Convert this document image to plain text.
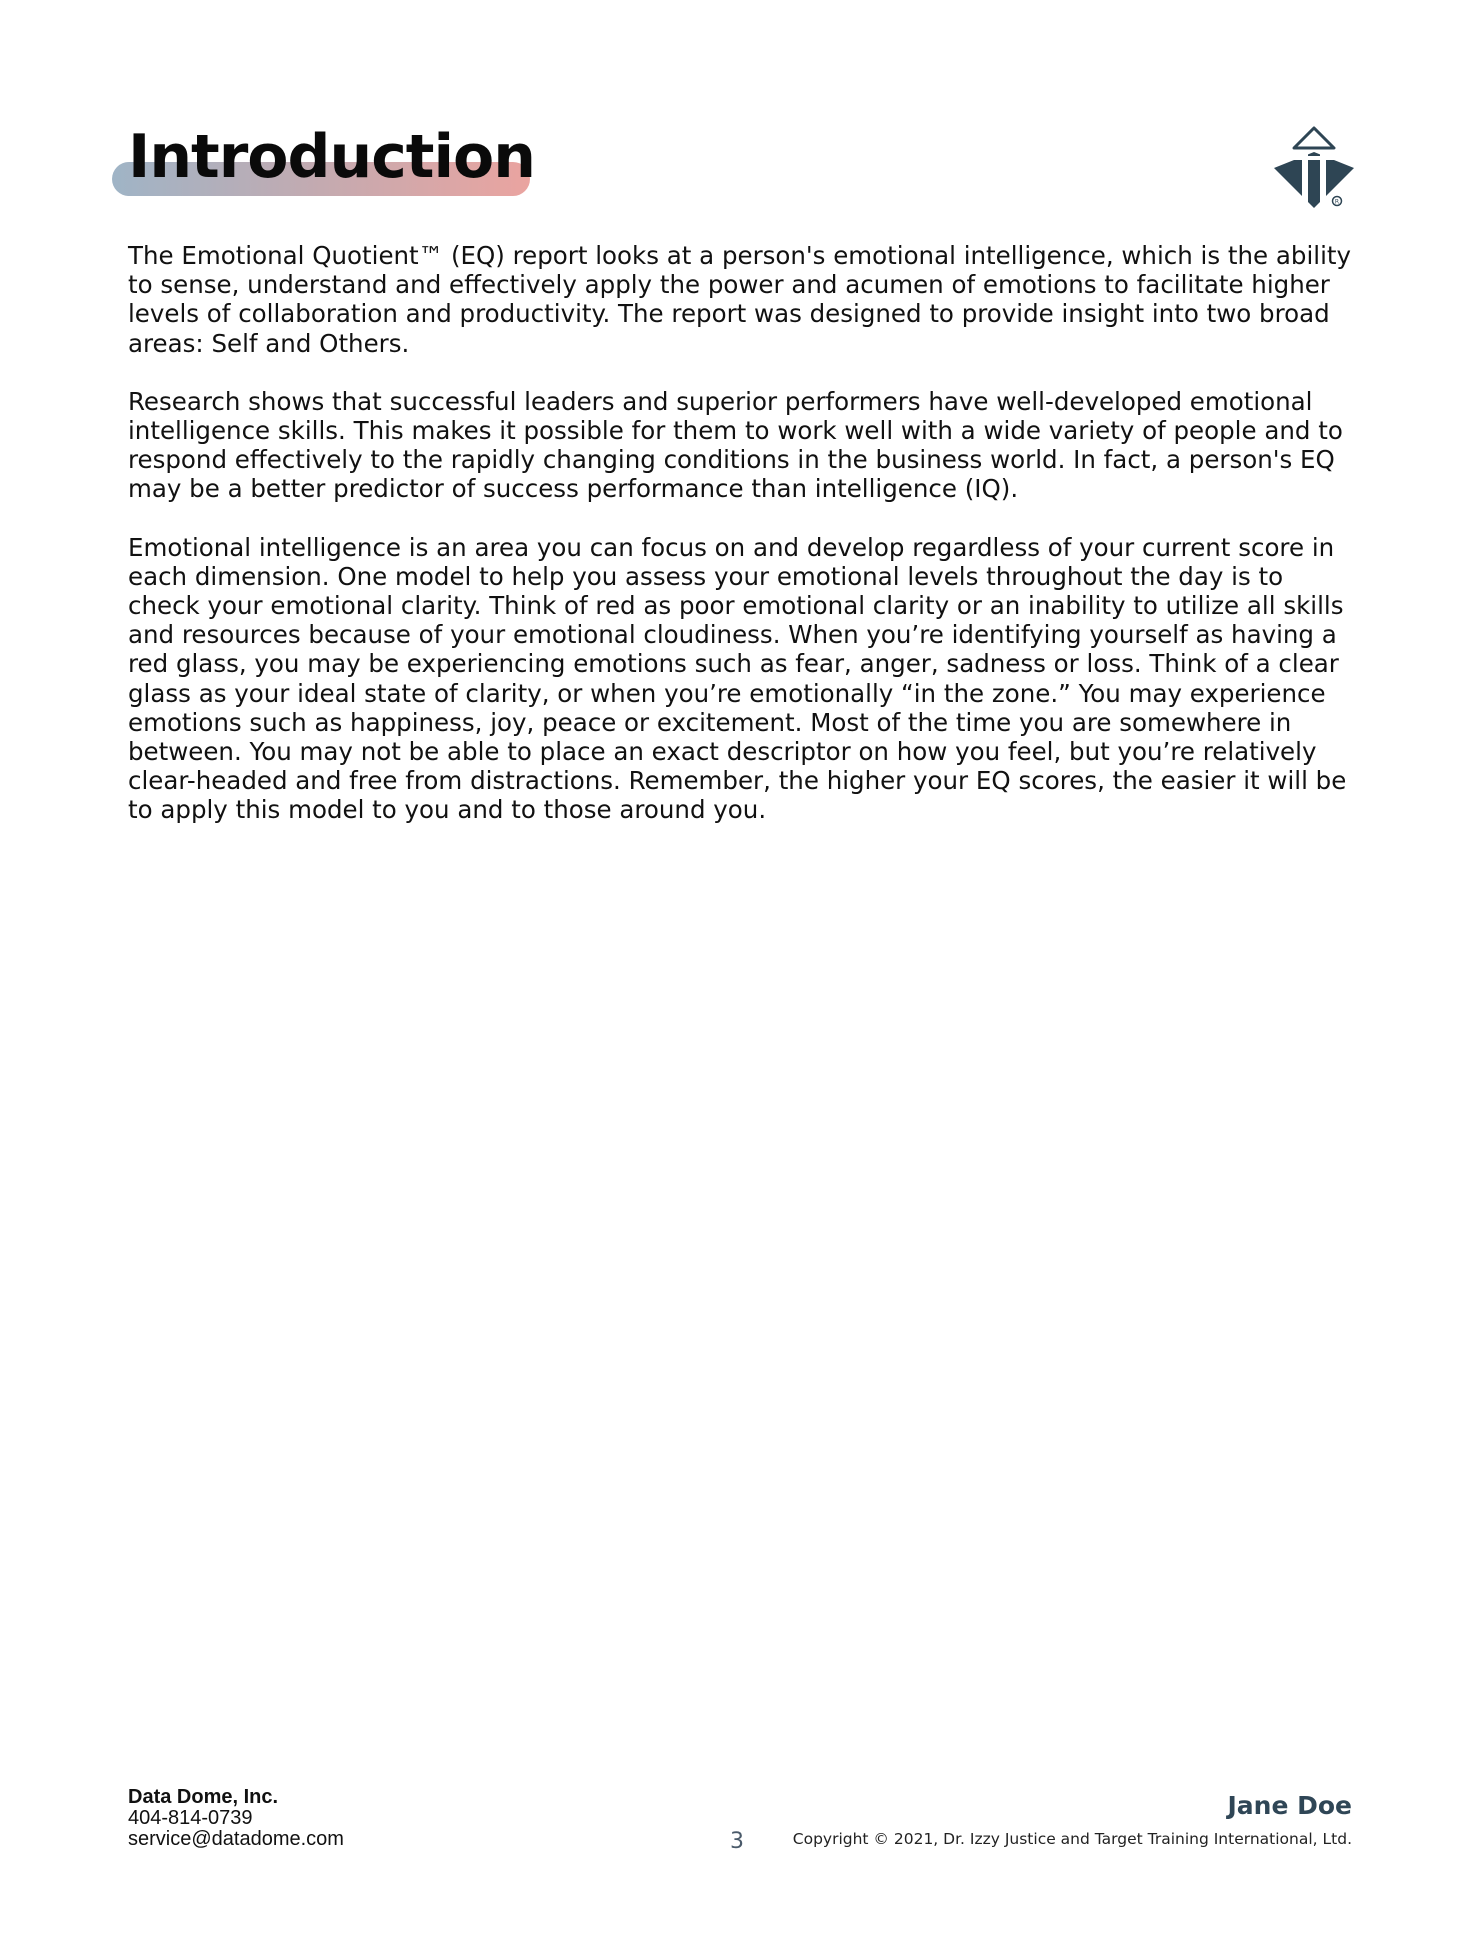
Introduction
R

The Emotional Quotient™ (EQ) report looks at a person's emotional intelligence, which is the ability to sense, understand and effectively apply the power and acumen of emotions to facilitate higher levels of collaboration and productivity. The report was designed to provide insight into two broad areas: Self and Others.

Research shows that successful leaders and superior performers have well-developed emotional intelligence skills. This makes it possible for them to work well with a wide variety of people and to respond effectively to the rapidly changing conditions in the business world. In fact, a person's EQ may be a better predictor of success performance than intelligence (IQ).

Emotional intelligence is an area you can focus on and develop regardless of your current score in each dimension. One model to help you assess your emotional levels throughout the day is to check your emotional clarity. Think of red as poor emotional clarity or an inability to utilize all skills and resources because of your emotional cloudiness. When you’re identifying yourself as having a red glass, you may be experiencing emotions such as fear, anger, sadness or loss. Think of a clear glass as your ideal state of clarity, or when you’re emotionally “in the zone.” You may experience emotions such as happiness, joy, peace or excitement. Most of the time you are somewhere in between. You may not be able to place an exact descriptor on how you feel, but you’re relatively clear-headed and free from distractions. Remember, the higher your EQ scores, the easier it will be to apply this model to you and to those around you.

Data Dome, Inc.
404-814-0739
service@datadome.com	3
Jane Doe
Copyright © 2021, Dr. Izzy Justice and Target Training International, Ltd.
